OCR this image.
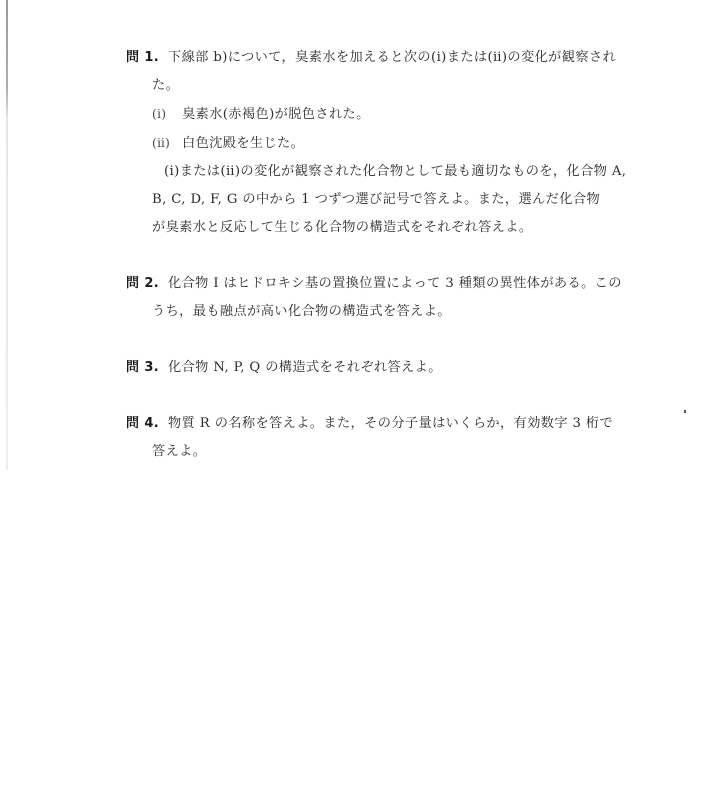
問 1. 下線部 b)について，臭素水を加えると次の(ⅰ)または(ⅱ)の変化が観察され
た。
(ⅰ) 臭素水(赤褐色)が脱色された。
(ⅱ) 白色沈殿を生じた。
(ⅰ)または(ⅱ)の変化が観察された化合物として最も適切なものを，化合物 A,
B, C, D, F, G の中から 1 つずつ選び記号で答えよ。また，選んだ化合物
が臭素水と反応して生じる化合物の構造式をそれぞれ答えよ。
問 2. 化合物 I はヒドロキシ基の置換位置によって 3 種類の異性体がある。この
うち，最も融点が高い化合物の構造式を答えよ。
問 3. 化合物 N, P, Q の構造式をそれぞれ答えよ。
問 4. 物質 R の名称を答えよ。また，その分子量はいくらか，有効数字 3 桁で
答えよ。
